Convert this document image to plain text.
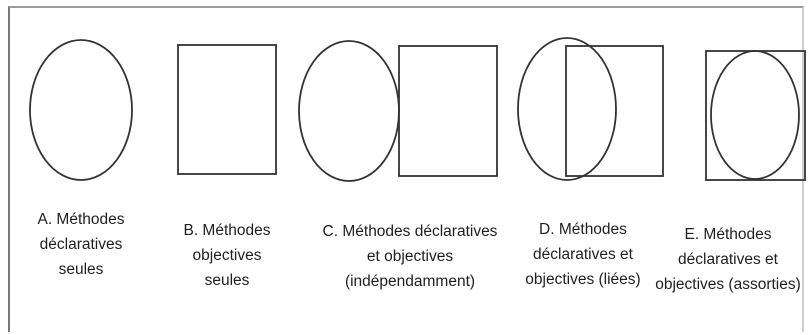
A. Méthodes
déclaratives
seules

B. Méthodes
objectives
seules

C. Méthodes déclaratives
et objectives
(indépendamment)

D. Méthodes
déclaratives et
objectives (liées)

E. Méthodes
déclaratives et
objectives (assorties)
